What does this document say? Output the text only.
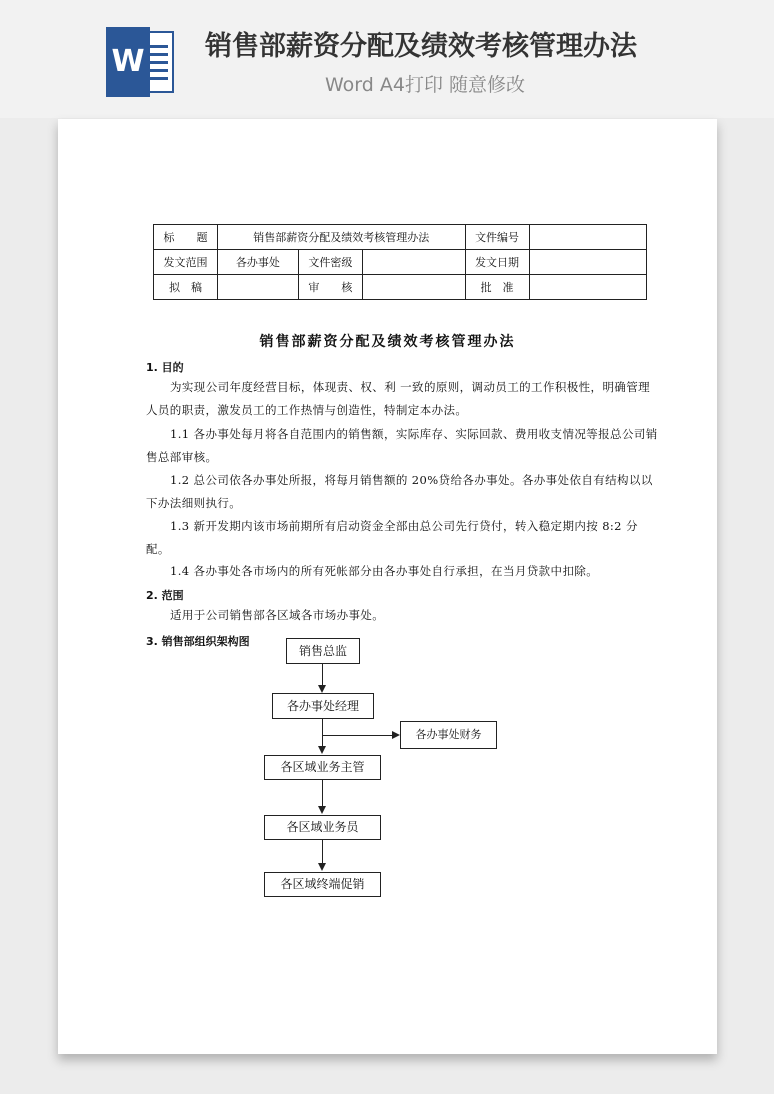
W 销售部薪资分配及绩效考核管理办法
Word A4打印 随意修改
标　　题	销售部薪资分配及绩效考核管理办法			文件编号	
发文范围	各办事处	文件密级		发文日期	
拟　稿		审　　核		批　准	
销售部薪资分配及绩效考核管理办法
1. 目的
为实现公司年度经营目标，体现责、权、利 一致的原则，调动员工的工作积极性，明确管理人员的职责，激发员工的工作热情与创造性，特制定本办法。
1.1 各办事处每月将各自范围内的销售额，实际库存、实际回款、费用收支情况等报总公司销售总部审核。
1.2 总公司依各办事处所报，将每月销售额的 20%贷给各办事处。各办事处依自有结构以以下办法细则执行。
1.3 新开发期内该市场前期所有启动资金全部由总公司先行贷付，转入稳定期内按 8:2 分配。
1.4 各办事处各市场内的所有死帐部分由各办事处自行承担，在当月贷款中扣除。
2. 范围
适用于公司销售部各区域各市场办事处。
3. 销售部组织架构图
销售总监
各办事处经理
各办事处财务
各区域业务主管
各区域业务员
各区域终端促销
